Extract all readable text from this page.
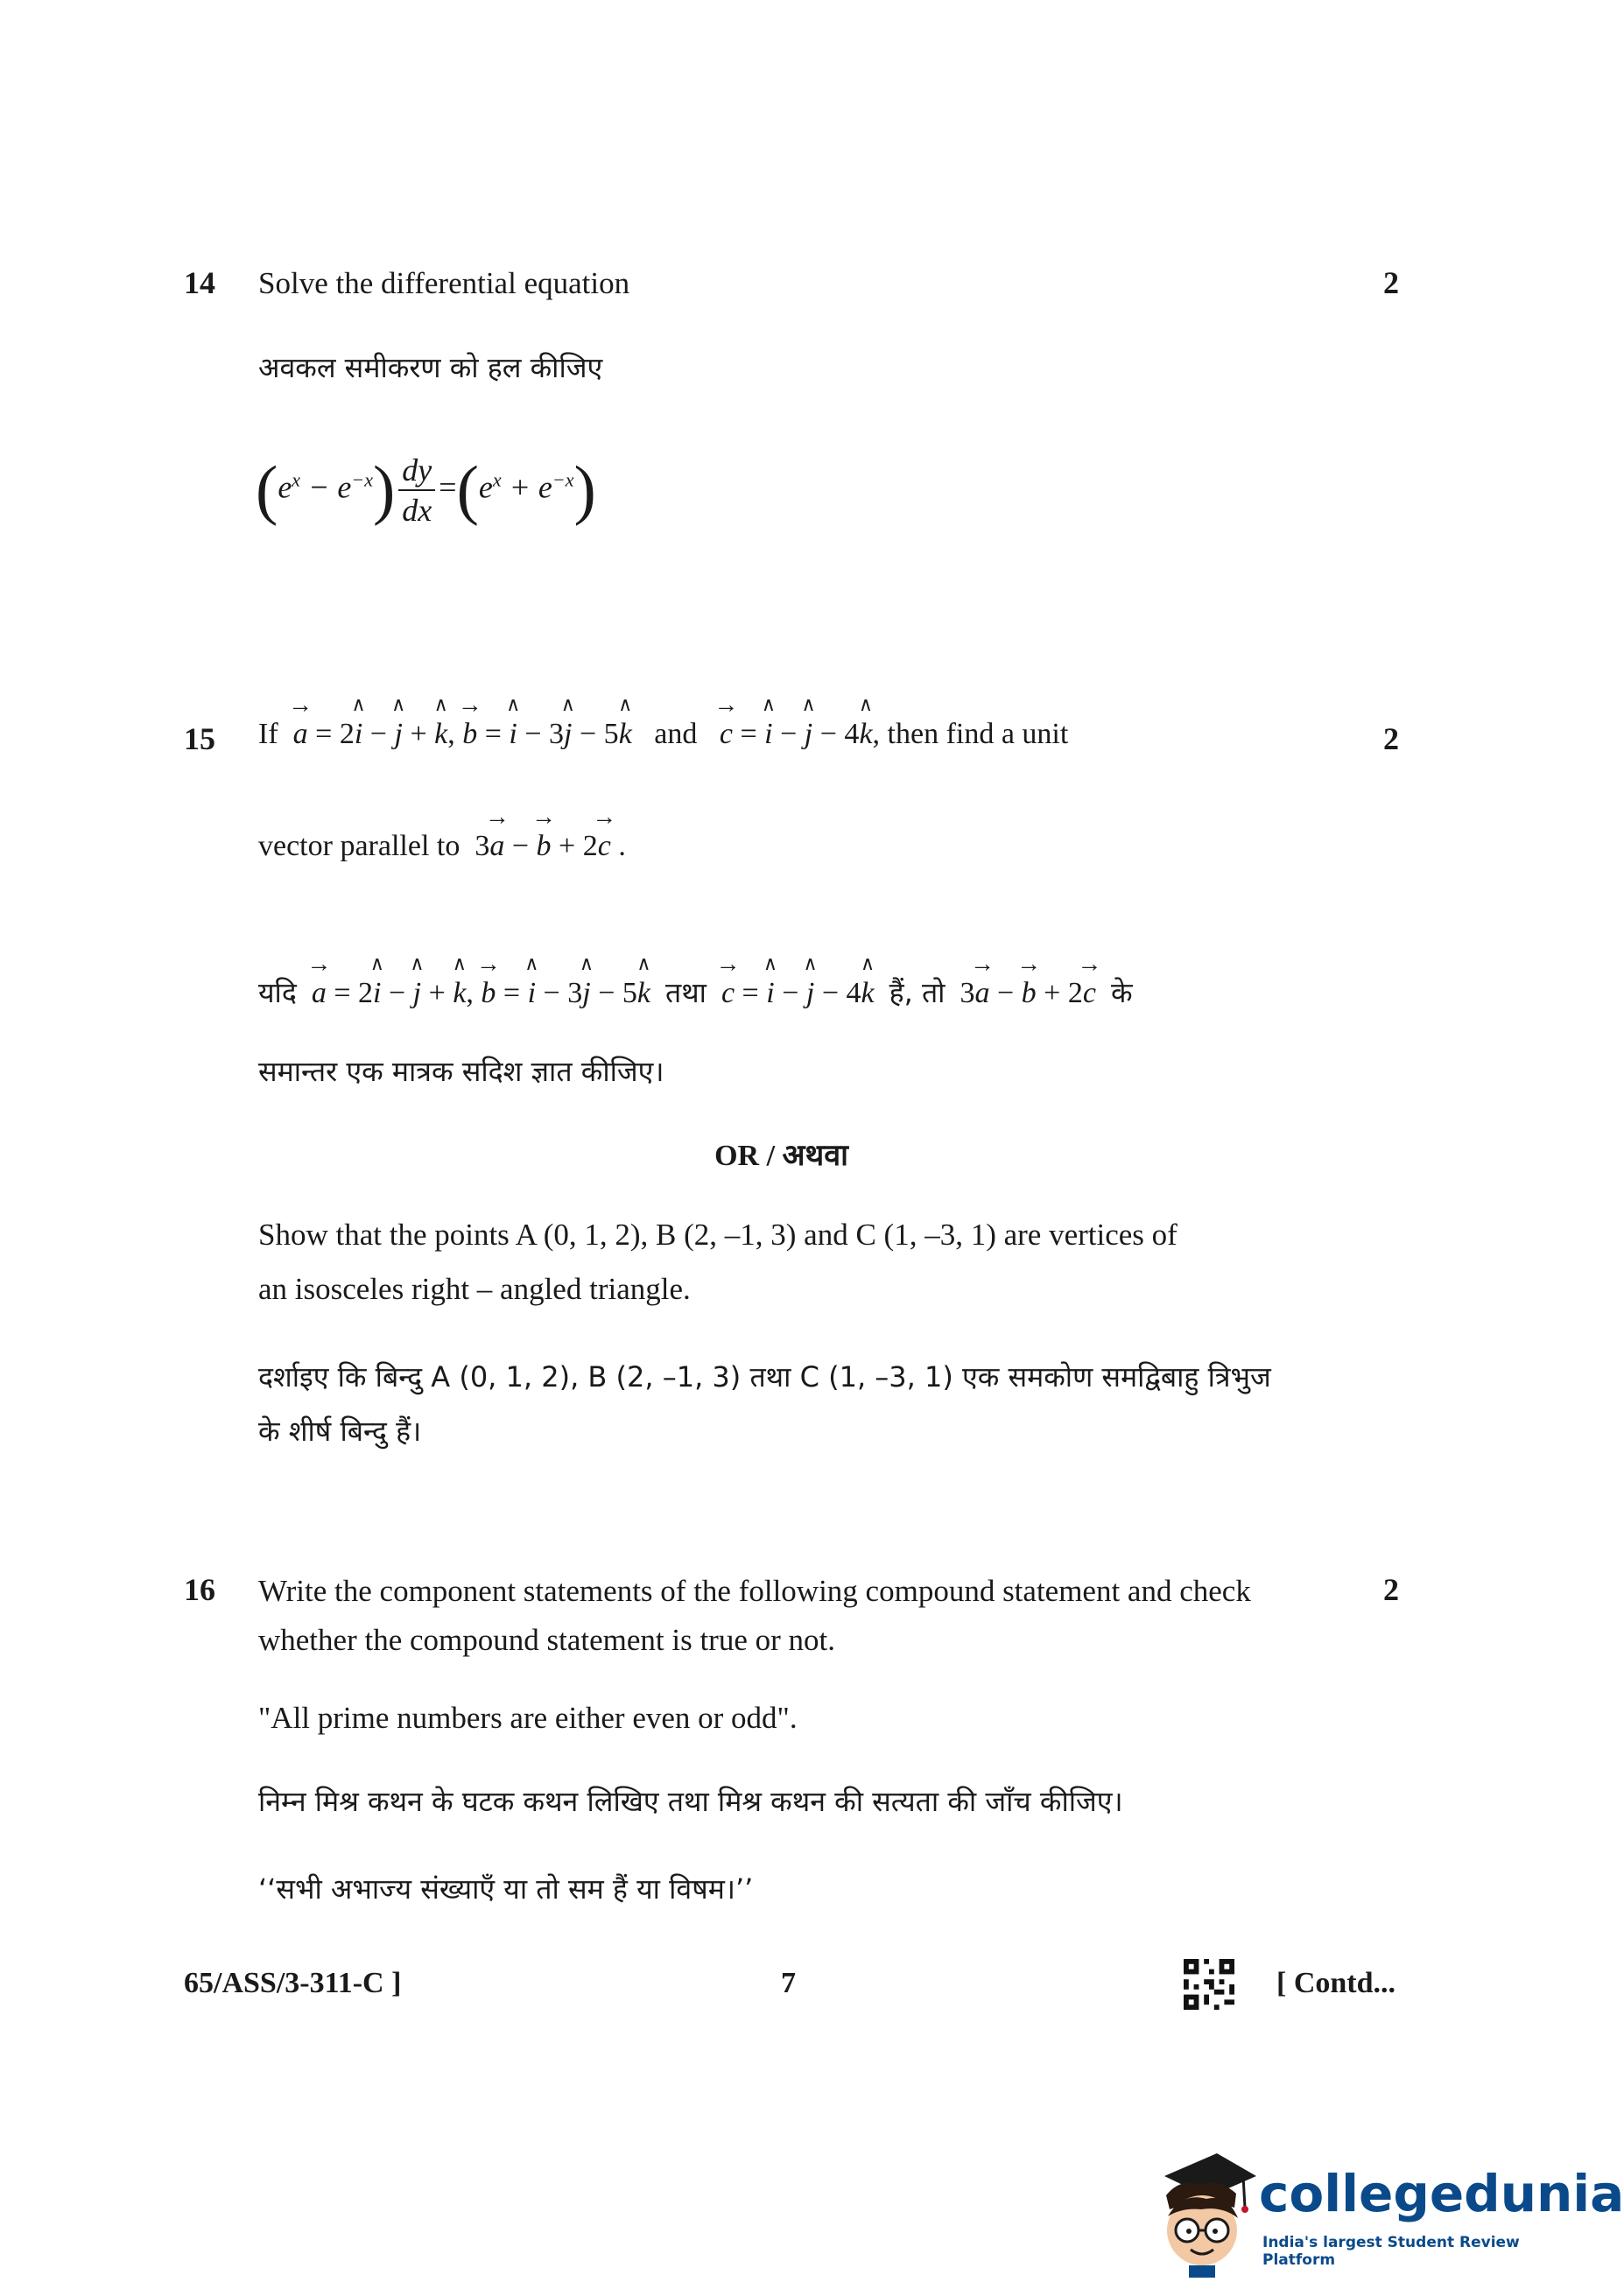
14	2
Solve the differential equation
अवकल समीकरण को हल कीजिए
$(e^x - e^{-x}) \frac{dy}{dx} =(e^x + e^{-x})$
15	2
If → a = 2∧ i − ∧ j + ∧ k, → b = ∧ i − 3∧ j − 5∧ k and → c = ∧ i − ∧ j − 4∧ k, then find a unit
vector parallel to  3→ a − → b + 2→ c .
यदि → a = 2∧ i − ∧ j + ∧ k, → b = ∧ i − 3∧ j − 5∧ k तथा → c = ∧ i − ∧ j − 4∧ k हैं, तो  3→ a − → b + 2→ c के
समान्तर एक मात्रक सदिश ज्ञात कीजिए।
OR / अथवा
Show that the points A (0, 1, 2), B (2, –1, 3) and C (1, –3, 1) are vertices of
an isosceles right – angled triangle.
दर्शाइए कि बिन्दु A (0, 1, 2), B (2, –1, 3) तथा C (1, –3, 1) एक समकोण समद्विबाहु त्रिभुज
के शीर्ष बिन्दु हैं।
16	2
Write the component statements of the following compound statement and check
whether the compound statement is true or not.
"All prime numbers are either even or odd".
निम्न मिश्र कथन के घटक कथन लिखिए तथा मिश्र कथन की सत्यता की जाँच कीजिए।
‘‘सभी अभाज्य संख्याएँ या तो सम हैं या विषम।’’
65/ASS/3-311-C ]	7	[ Contd...
collegedunia
India's largest Student Review Platform
